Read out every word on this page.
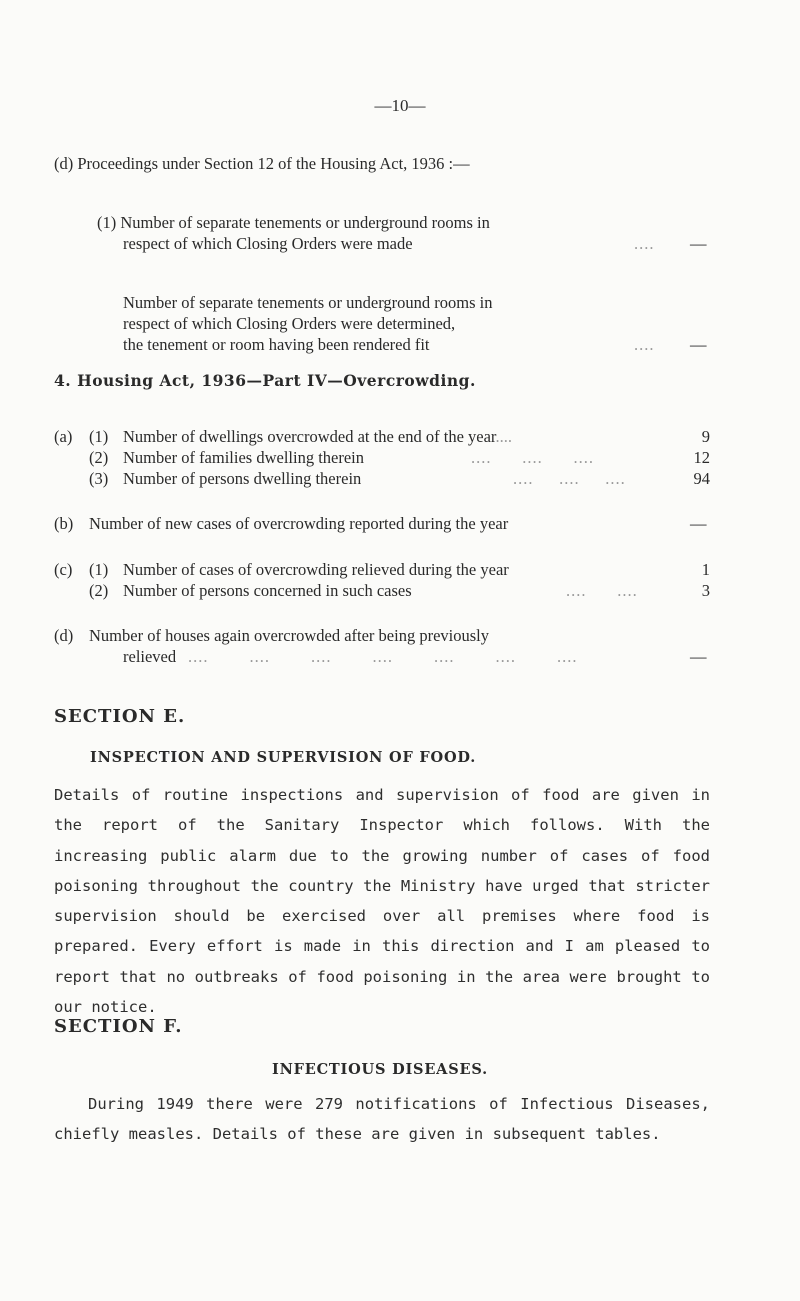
—10—
(d) Proceedings under Section 12 of the Housing Act, 1936 :—
(1) Number of separate tenements or underground rooms in
respect of which Closing Orders were made	.... —
Number of separate tenements or underground rooms in
respect of which Closing Orders were determined,
the tenement or room having been rendered fit	.... —
4. Housing Act, 1936—Part IV—Overcrowding.
(a) (1) Number of dwellings overcrowded at the end of the year....	9
(2) Number of families dwelling therein	....      ....      ....	12
(3) Number of persons dwelling therein	....     ....     ....	94
(b) Number of new cases of overcrowding reported during the year	—
(c) (1) Number of cases of overcrowding relieved during the year	1
(2) Number of persons concerned in such cases	....      ....	3
(d) Number of houses again overcrowded after being previously
relieved ....        ....        ....        ....        ....        ....        ....	—
SECTION E.
INSPECTION AND SUPERVISION OF FOOD.
Details of routine inspections and supervision of food are given in the report of the Sanitary Inspector which follows. With the increasing public alarm due to the growing number of cases of food poisoning throughout the country the Ministry have urged that stricter supervision should be exercised over all premises where food is prepared. Every effort is made in this direction and I am pleased to report that no outbreaks of food poisoning in the area were brought to our notice.
SECTION F.
INFECTIOUS DISEASES.
During 1949 there were 279 notifications of Infectious Diseases, chiefly measles. Details of these are given in subsequent tables.
